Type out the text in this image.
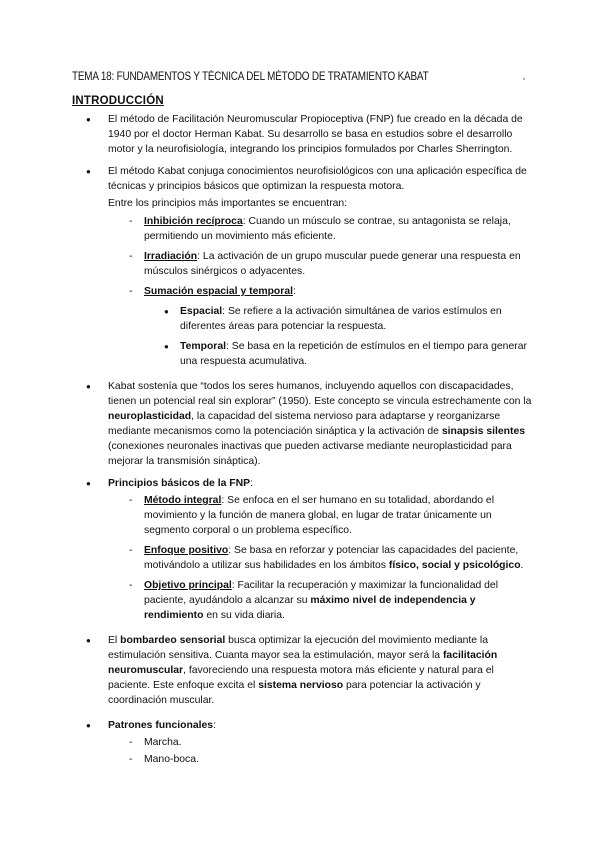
TEMA 18: FUNDAMENTOS Y TÉCNICA DEL MÉTODO DE TRATAMIENTO KABAT
INTRODUCCIÓN
● El método de Facilitación Neuromuscular Propioceptiva (FNP) fue creado en la década de 1940 por el doctor Herman Kabat. Su desarrollo se basa en estudios sobre el desarrollo motor y la neurofisiología, integrando los principios formulados por Charles Sherrington.
● El método Kabat conjuga conocimientos neurofisiológicos con una aplicación específica de técnicas y principios básicos que optimizan la respuesta motora.
Entre los principios más importantes se encuentran:
- Inhibición recíproca: Cuando un músculo se contrae, su antagonista se relaja, permitiendo un movimiento más eficiente.
- Irradiación: La activación de un grupo muscular puede generar una respuesta en músculos sinérgicos o adyacentes.
- Sumación espacial y temporal:
● Espacial: Se refiere a la activación simultánea de varios estímulos en diferentes áreas para potenciar la respuesta.
● Temporal: Se basa en la repetición de estímulos en el tiempo para generar una respuesta acumulativa.
● Kabat sostenía que “todos los seres humanos, incluyendo aquellos con discapacidades, tienen un potencial real sin explorar” (1950). Este concepto se vincula estrechamente con la neuroplasticidad, la capacidad del sistema nervioso para adaptarse y reorganizarse mediante mecanismos como la potenciación sináptica y la activación de sinapsis silentes (conexiones neuronales inactivas que pueden activarse mediante neuroplasticidad para mejorar la transmisión sináptica).
● Principios básicos de la FNP:
- Método integral: Se enfoca en el ser humano en su totalidad, abordando el movimiento y la función de manera global, en lugar de tratar únicamente un segmento corporal o un problema específico.
- Enfoque positivo: Se basa en reforzar y potenciar las capacidades del paciente, motivándolo a utilizar sus habilidades en los ámbitos físico, social y psicológico.
- Objetivo principal: Facilitar la recuperación y maximizar la funcionalidad del paciente, ayudándolo a alcanzar su máximo nivel de independencia y rendimiento en su vida diaria.
● El bombardeo sensorial busca optimizar la ejecución del movimiento mediante la estimulación sensitiva. Cuanta mayor sea la estimulación, mayor será la facilitación neuromuscular, favoreciendo una respuesta motora más eficiente y natural para el paciente. Este enfoque excita el sistema nervioso para potenciar la activación y coordinación muscular.
● Patrones funcionales:
- Marcha.
- Mano-boca.
